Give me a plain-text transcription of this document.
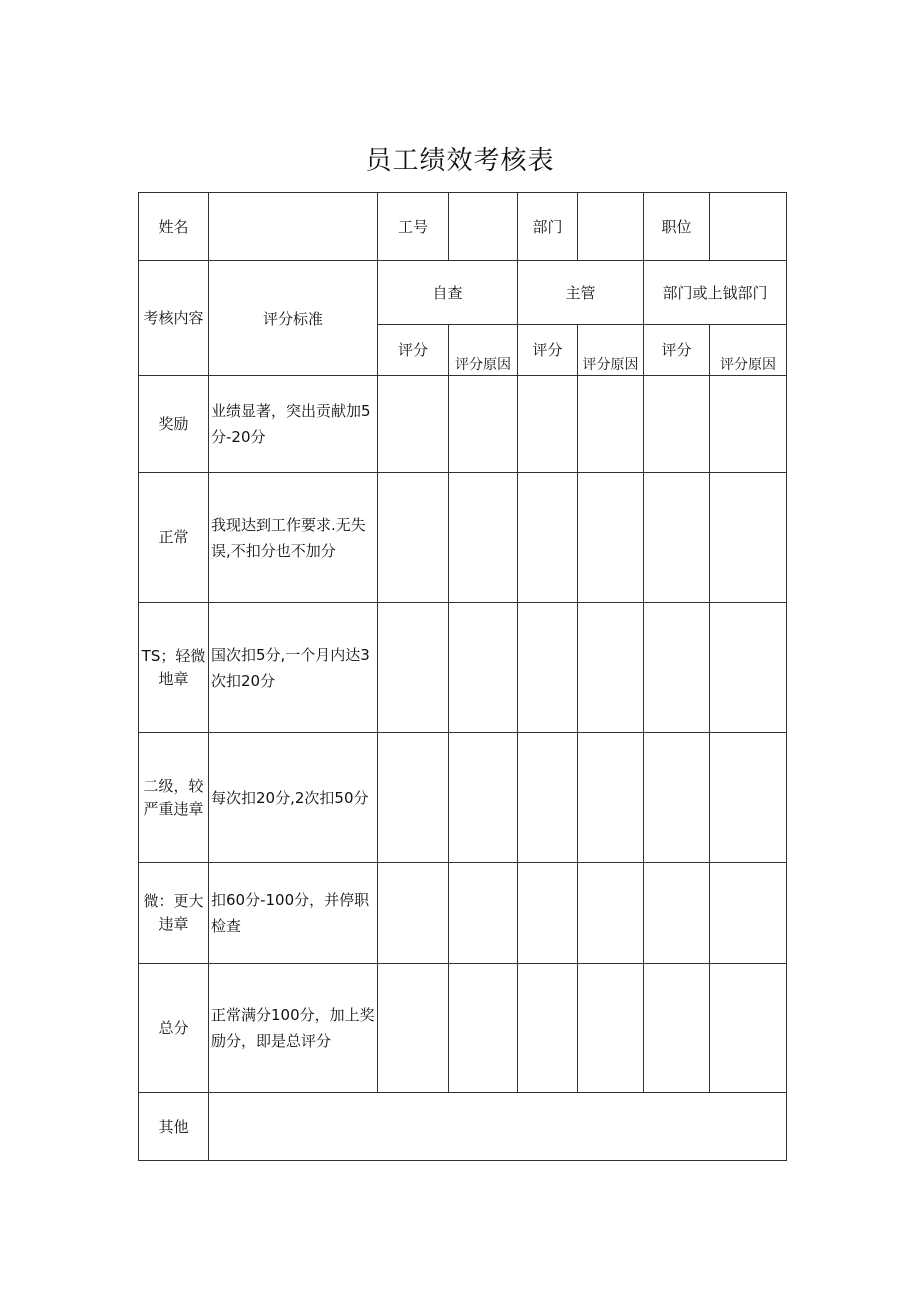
员工绩效考核表
姓名		工号		部门		职位	
考核内容	评分标准	自查		主管		部门或上钺部门	
		评分	评分原因	评分	评分原因	评分	评分原因
奖励	业绩显著，突出贡献加5分-20分						
正常	我现达到工作要求.无失误,不扣分也不加分						
TS；轻微地章	国次扣5分,一个月内达3次扣20分						
二级，较严重违章	每次扣20分,2次扣50分						
微：更大违章	扣60分-100分，并停职检查						
总分	正常满分100分，加上奖励分，即是总评分						
其他							
